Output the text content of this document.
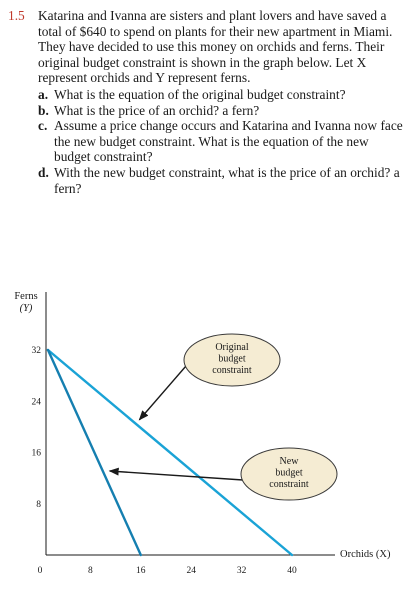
1.5 Katarina and Ivanna are sisters and plant lovers and have saved a total of $640 to spend on plants for their new apartment in Miami. They have decided to use this money on orchids and ferns. Their original budget constraint is shown in the graph below. Let X represent orchids and Y represent ferns.
a. What is the equation of the original budget constraint?
b. What is the price of an orchid? a fern?
c. Assume a price change occurs and Katarina and Ivanna now face the new budget constraint. What is the equation of the new budget constraint?
d. With the new budget constraint, what is the price of an orchid? a fern?
Ferns
(Y)
Orchids (X)
0	8	16	24	32	40
8
16
24
32	Original
budget
constraint
New
budget
constraint
